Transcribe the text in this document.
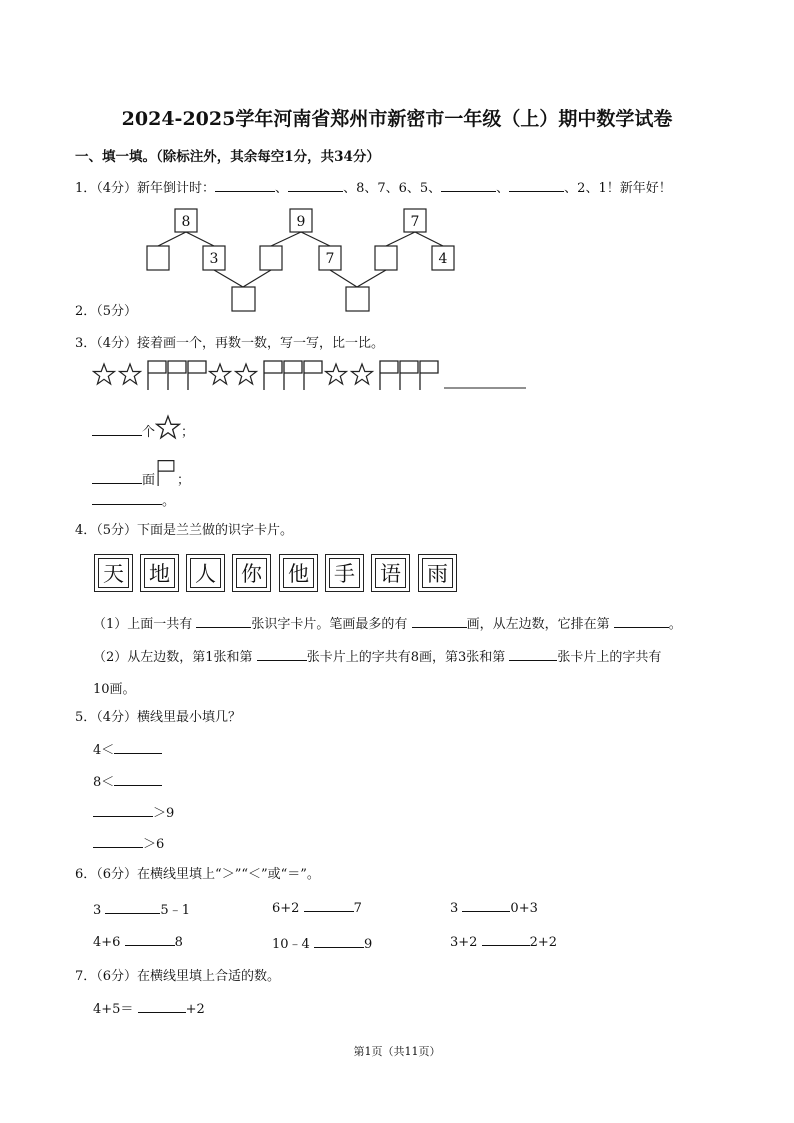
2024-2025学年河南省郑州市新密市一年级（上）期中数学试卷
一、填一填。（除标注外，其余每空1分，共34分）
1．（4分）新年倒计时：	、	、8、7、6、5、	、	、2、1！新年好！
8	9	7
3	7	4
2．（5分）
3．（4分）接着画一个，再数一数，写一写，比一比。
个 ；
面 ；
。
4．（5分）下面是兰兰做的识字卡片。
天 地 人 你 他 手 语 雨
（1）上面一共有	张识字卡片。笔画最多的有	画，从左边数，它排在第	。
（2）从左边数，第1张和第	张卡片上的字共有8画，第3张和第	张卡片上的字共有
10画。
5．（4分）横线里最小填几？
4＜
8＜
＞9
＞6
6．（6分）在横线里填上“＞”“＜”或“＝”。
3	5﹣1	6+2	7	3	0+3
4+6	8	10﹣4	9	3+2	2+2
7．（6分）在横线里填上合适的数。
4+5＝	+2
第1页（共11页）
